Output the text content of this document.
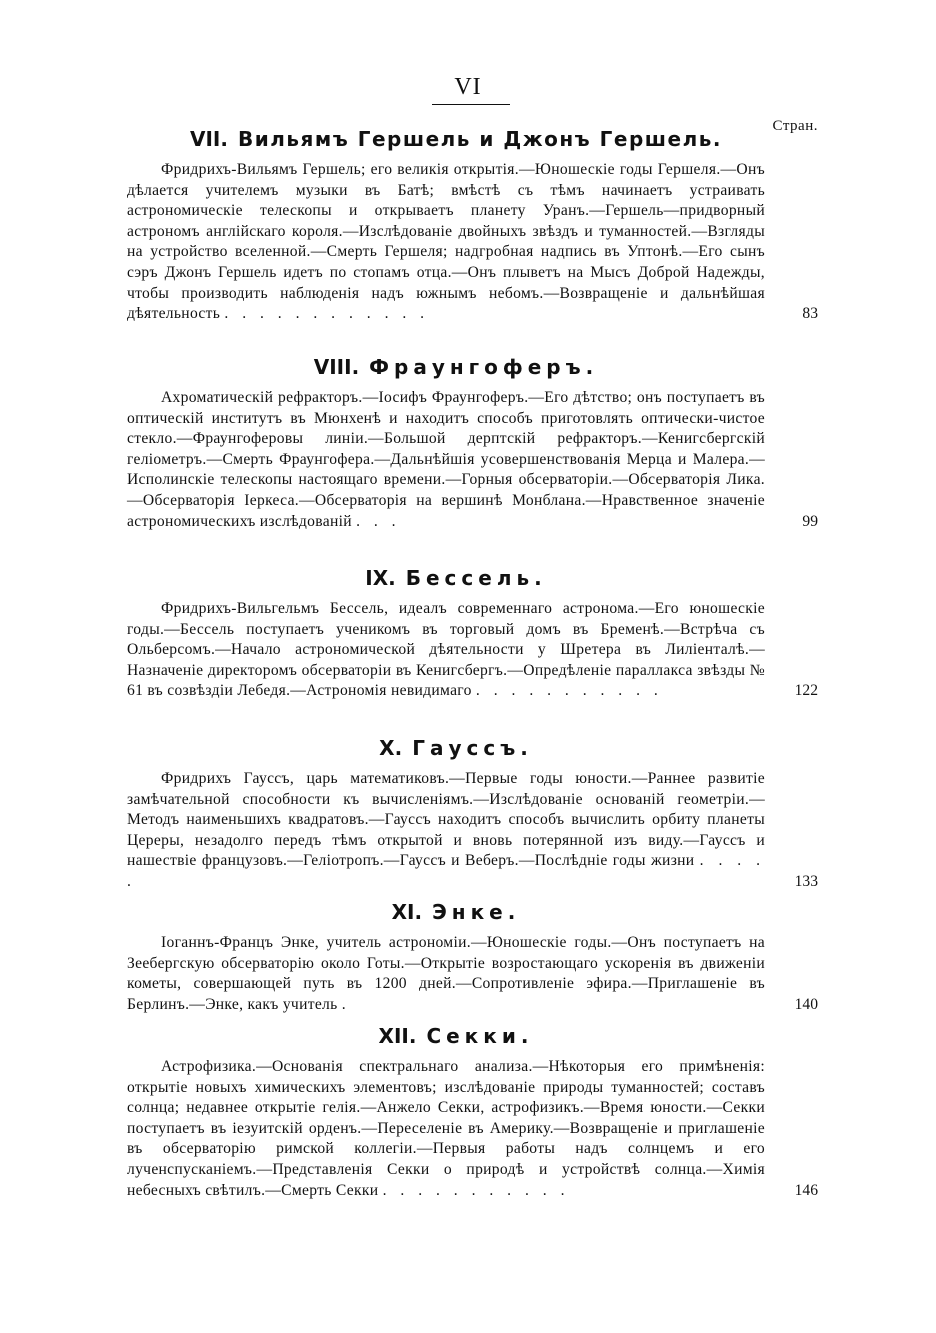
VI
Стран.
VII. Вильямъ Гершель и Джонъ Гершель.
Фридрихъ-Вильямъ Гершель; его великія открытія.—Юношескіе годы Гершеля.—Онъ дѣлается учителемъ музыки въ Батѣ; вмѣстѣ съ тѣмъ начинаетъ устраивать астрономическіе телескопы и открываетъ планету Уранъ.—Гершель—придворный астрономъ англійскаго короля.—Изслѣдованіе двойныхъ звѣздъ и туманностей.—Взгляды на устройство вселенной.—Смерть Гершеля; надгробная надпись въ Уптонѣ.—Его сынъ сэръ Джонъ Гершель идетъ по стопамъ отца.—Онъ плыветъ на Мысъ Доброй Надежды, чтобы производить наблюденія надъ южнымъ небомъ.—Возвращеніе и дальнѣйшая дѣятельность . . . . . . . . . . . .	83
VIII. Фраунгоферъ.
Ахроматическій рефракторъ.—Іосифъ Фраунгоферъ.—Его дѣтство; онъ поступаетъ въ оптическій институтъ въ Мюнхенѣ и находитъ способъ приготовлять оптически-чистое стекло.—Фраунгоферовы линіи.—Большой дерптскій рефракторъ.—Кенигсбергскій геліометръ.—Смерть Фраунгофера.—Дальнѣйшія усовершенствованія Мерца и Малера.—Исполинскіе телескопы настоящаго времени.—Горныя обсерваторіи.—Обсерваторія Лика.—Обсерваторія Іеркеса.—Обсерваторія на вершинѣ Монблана.—Нравственное значеніе астрономическихъ изслѣдованій . . .	99
IX. Бессель.
Фридрихъ-Вильгельмъ Бессель, идеалъ современнаго астронома.—Его юношескіе годы.—Бессель поступаетъ ученикомъ въ торговый домъ въ Бременѣ.—Встрѣча съ Ольберсомъ.—Начало астрономической дѣятельности у Шретера въ Лиліенталѣ.—Назначеніе директоромъ обсерваторіи въ Кенигсбергъ.—Опредѣленіе параллакса звѣзды № 61 въ созвѣздіи Лебедя.—Астрономія невидимаго . . . . . . . . . . .	122
X. Гауссъ.
Фридрихъ Гауссъ, царь математиковъ.—Первые годы юности.—Раннее развитіе замѣчательной способности къ вычисленіямъ.—Изслѣдованіе основаній геометріи.—Методъ наименьшихъ квадратовъ.—Гауссъ находитъ способъ вычислить орбиту планеты Цереры, незадолго передъ тѣмъ открытой и вновь потерянной изъ виду.—Гауссъ и нашествіе французовъ.—Геліотропъ.—Гауссъ и Веберъ.—Послѣдніе годы жизни . . . . .	133
XI. Энке.
Іоганнъ-Францъ Энке, учитель астрономіи.—Юношескіе годы.—Онъ поступаетъ на Зеебергскую обсерваторію около Готы.—Открытіе возростающаго ускоренія въ движеніи кометы, совершающей путь въ 1200 дней.—Сопротивленіе эфира.—Приглашеніе въ Берлинъ.—Энке, какъ учитель .	140
XII. Секки.
Астрофизика.—Основанія спектральнаго анализа.—Нѣкоторыя его примѣненія: открытіе новыхъ химическихъ элементовъ; изслѣдованіе природы туманностей; составъ солнца; недавнее открытіе гелія.—Анжело Секки, астрофизикъ.—Время юности.—Секки поступаетъ въ іезуитскій орденъ.—Переселеніе въ Америку.—Возвращеніе и приглашеніе въ обсерваторію римской коллегіи.—Первыя работы надъ солнцемъ и его лученспусканіемъ.—Представленія Секки о природѣ и устройствѣ солнца.—Химія небесныхъ свѣтилъ.—Смерть Секки . . . . . . . . . . .	146
